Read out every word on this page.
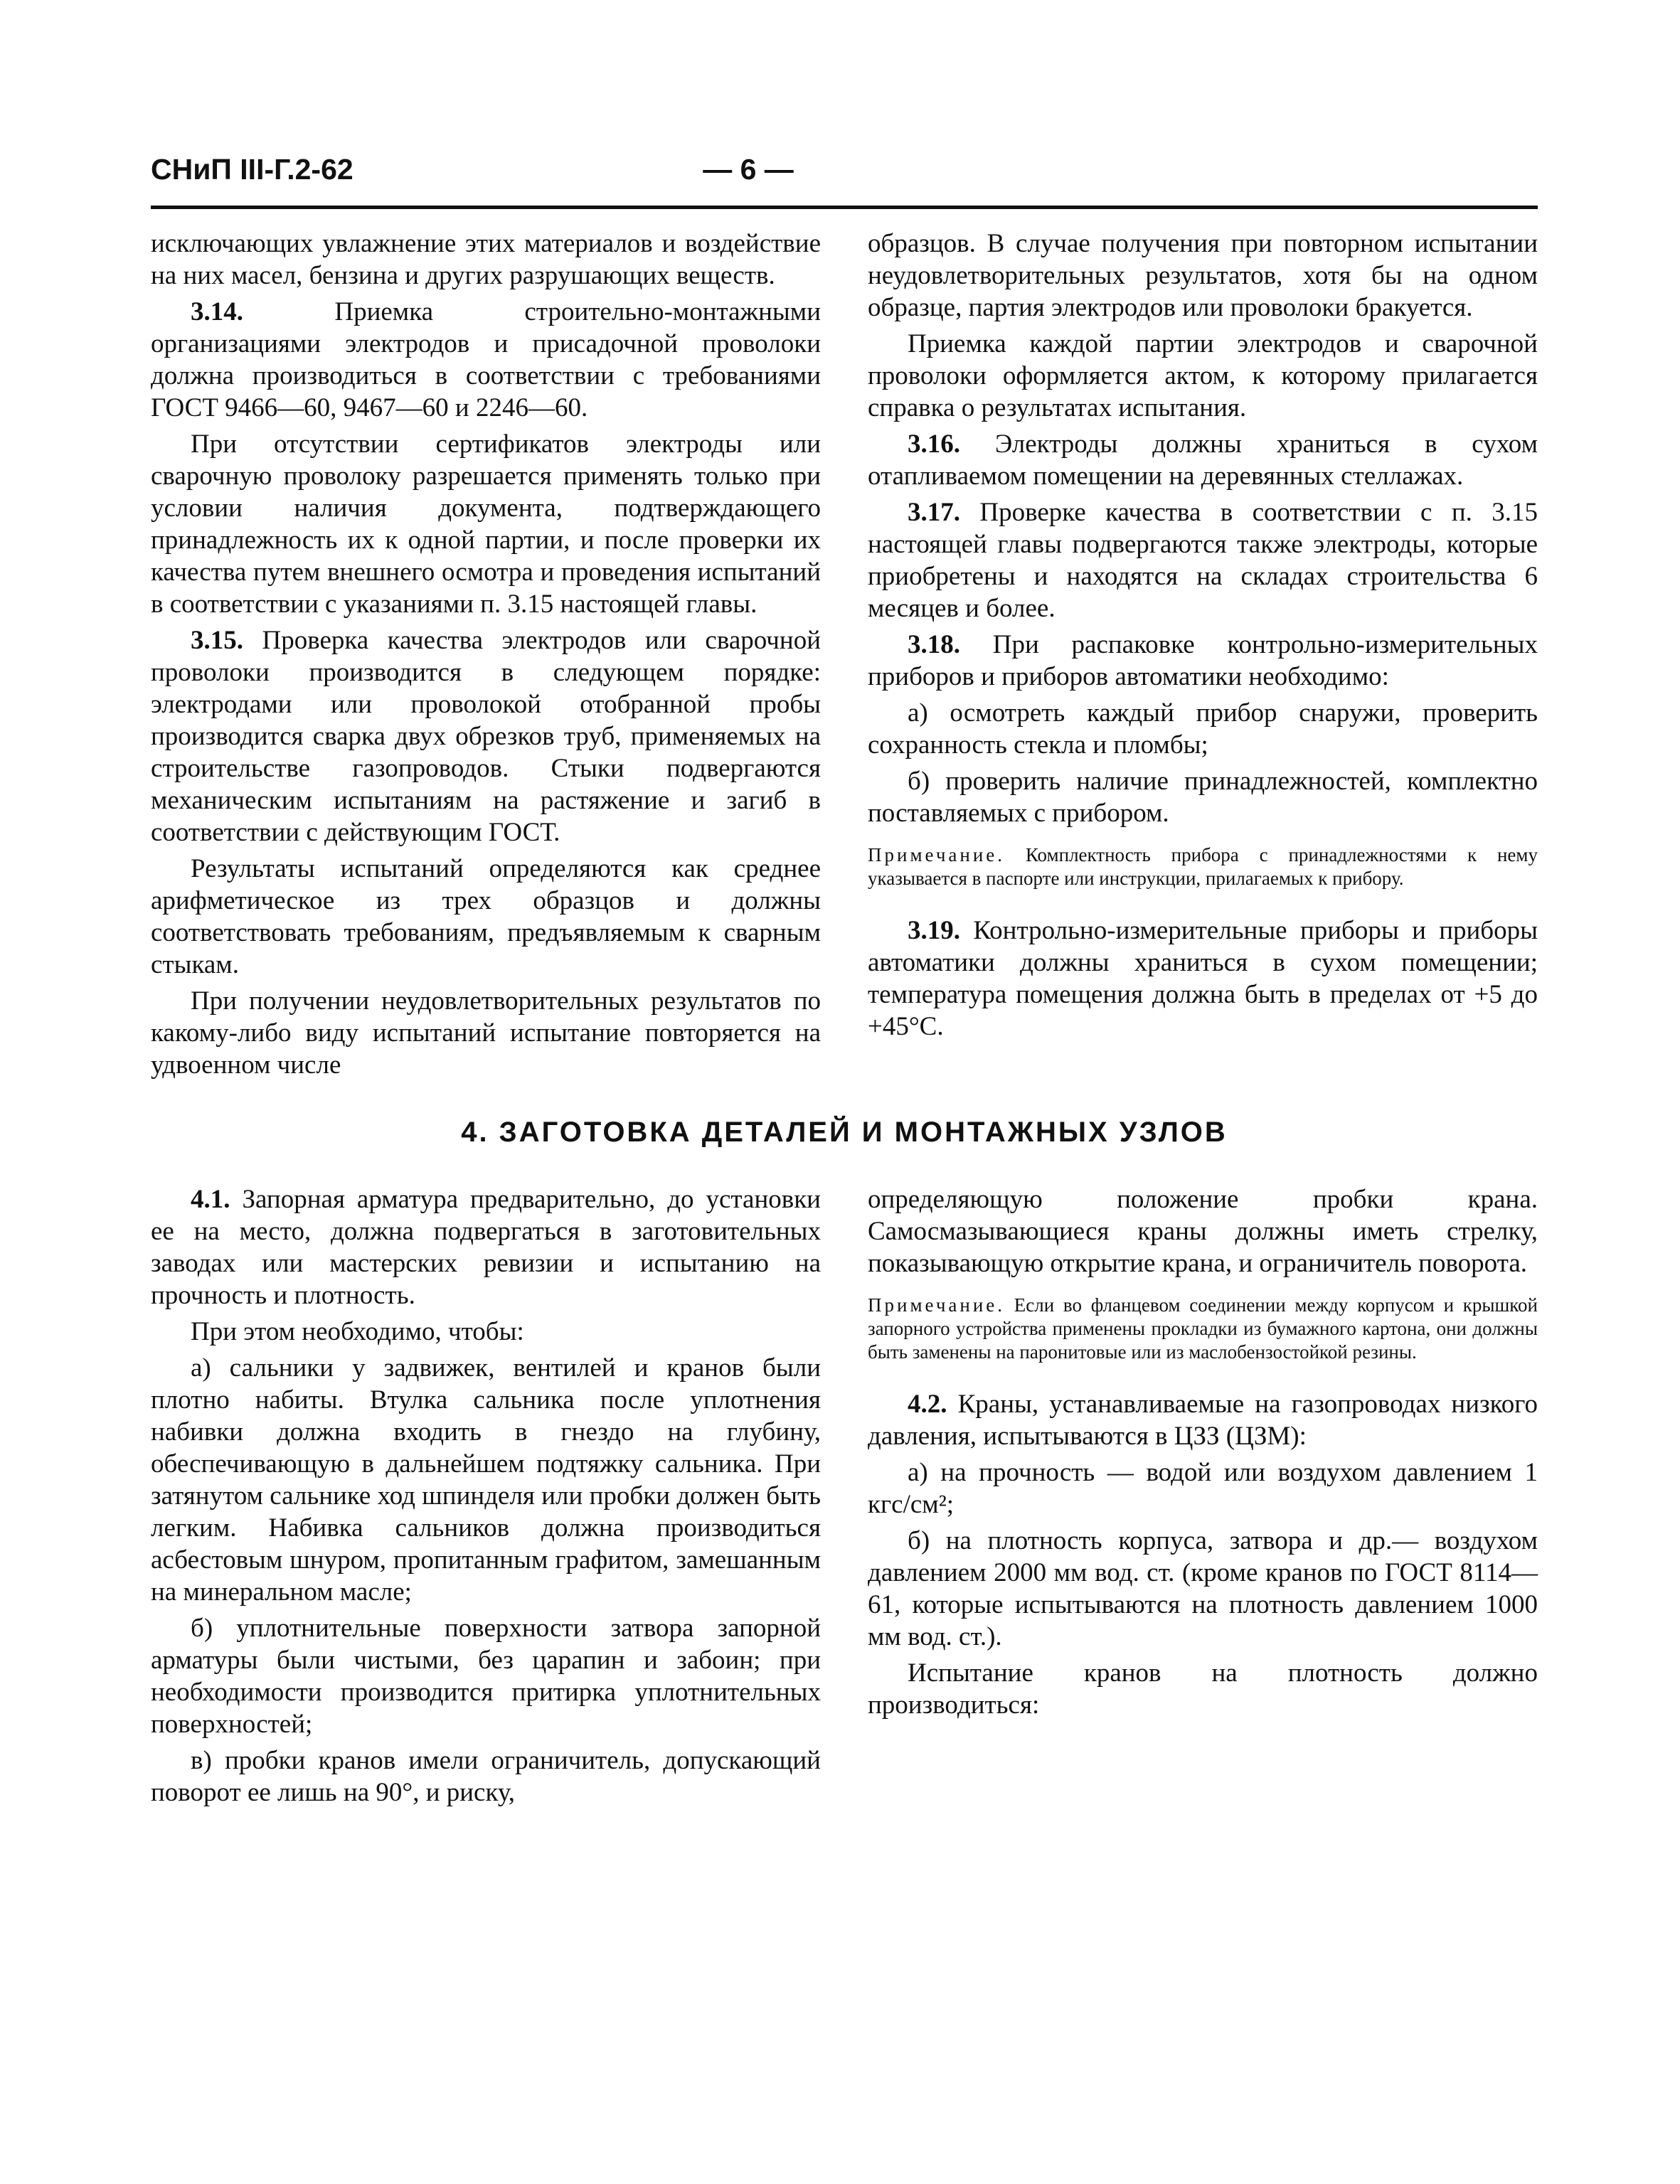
СНиП III-Г.2-62	— 6 —

исключающих увлажнение этих материалов и воздействие на них масел, бензина и других разрушающих веществ.

3.14. Приемка строительно-монтажными организациями электродов и присадочной проволоки должна производиться в соответствии с требованиями ГОСТ 9466—60, 9467—60 и 2246—60.

При отсутствии сертификатов электроды или сварочную проволоку разрешается применять только при условии наличия документа, подтверждающего принадлежность их к одной партии, и после проверки их качества путем внешнего осмотра и проведения испытаний в соответствии с указаниями п. 3.15 настоящей главы.

3.15. Проверка качества электродов или сварочной проволоки производится в следующем порядке: электродами или проволокой отобранной пробы производится сварка двух обрезков труб, применяемых на строительстве газопроводов. Стыки подвергаются механическим испытаниям на растяжение и загиб в соответствии с действующим ГОСТ.

Результаты испытаний определяются как среднее арифметическое из трех образцов и должны соответствовать требованиям, предъявляемым к сварным стыкам.

При получении неудовлетворительных результатов по какому-либо виду испытаний испытание повторяется на удвоенном числе

образцов. В случае получения при повторном испытании неудовлетворительных результатов, хотя бы на одном образце, партия электродов или проволоки бракуется.

Приемка каждой партии электродов и сварочной проволоки оформляется актом, к которому прилагается справка о результатах испытания.

3.16. Электроды должны храниться в сухом отапливаемом помещении на деревянных стеллажах.

3.17. Проверке качества в соответствии с п. 3.15 настоящей главы подвергаются также электроды, которые приобретены и находятся на складах строительства 6 месяцев и более.

3.18. При распаковке контрольно-измерительных приборов и приборов автоматики необходимо:

а) осмотреть каждый прибор снаружи, проверить сохранность стекла и пломбы;

б) проверить наличие принадлежностей, комплектно поставляемых с прибором.

Примечание. Комплектность прибора с принадлежностями к нему указывается в паспорте или инструкции, прилагаемых к прибору.

3.19. Контрольно-измерительные приборы и приборы автоматики должны храниться в сухом помещении; температура помещения должна быть в пределах от +5 до +45°С.

4. ЗАГОТОВКА ДЕТАЛЕЙ И МОНТАЖНЫХ УЗЛОВ

4.1. Запорная арматура предварительно, до установки ее на место, должна подвергаться в заготовительных заводах или мастерских ревизии и испытанию на прочность и плотность.

При этом необходимо, чтобы:

а) сальники у задвижек, вентилей и кранов были плотно набиты. Втулка сальника после уплотнения набивки должна входить в гнездо на глубину, обеспечивающую в дальнейшем подтяжку сальника. При затянутом сальнике ход шпинделя или пробки должен быть легким. Набивка сальников должна производиться асбестовым шнуром, пропитанным графитом, замешанным на минеральном масле;

б) уплотнительные поверхности затвора запорной арматуры были чистыми, без царапин и забоин; при необходимости производится притирка уплотнительных поверхностей;

в) пробки кранов имели ограничитель, допускающий поворот ее лишь на 90°, и риску,

определяющую положение пробки крана. Самосмазывающиеся краны должны иметь стрелку, показывающую открытие крана, и ограничитель поворота.

Примечание. Если во фланцевом соединении между корпусом и крышкой запорного устройства применены прокладки из бумажного картона, они должны быть заменены на паронитовые или из маслобензостойкой резины.

4.2. Краны, устанавливаемые на газопроводах низкого давления, испытываются в ЦЗЗ (ЦЗМ):

а) на прочность — водой или воздухом давлением 1 кгс/см²;

б) на плотность корпуса, затвора и др.— воздухом давлением 2000 мм вод. ст. (кроме кранов по ГОСТ 8114—61, которые испытываются на плотность давлением 1000 мм вод. ст.).

Испытание кранов на плотность должно производиться:
